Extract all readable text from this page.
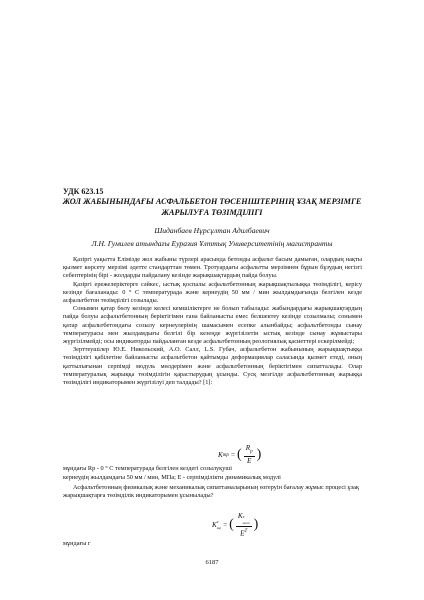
УДК 623.15
ЖОЛ ЖАБЫНЫНДАҒЫ АСФАЛЬБЕТОН ТӨСЕНІШТЕРІНІҢ ҰЗАҚ МЕРЗІМГЕ ЖАРЫЛУҒА ТӨЗІМДІЛІГІ
Шиданбаев Нұрсұлтан Адилбаевич
Л.Н. Гумилев атындағы Еуразия Ұлттық Университетінің магистранты

Қазіргі уақытта Елімізде жол жабыны түрлері арасында бетонды асфальт басым дамыған, олардың нақты қызмет көрсету мерзімі әдетте стандарттан төмен. Тротуардағы асфальтты мерзімнен бұрын бұзудың негізгі себептерінің бірі - жолдарды пайдалану кезінде жарықшақтардың пайда болуы.

Қазіргі ережелеріктерге сәйкес, ыстық қоспалы асфальтбетонның жарықшақтылыққа төзімділігі, керісу кезінде бағаланады: 0 ° С температурада және кернеудің 50 мм / мин жылдамдығында белгілен кезде асфальтбетон төзімділігі созылады.

Сонымен қатар бөлу кезінде келесі кемшіліктерге не болып табылады: жабындардағы жарықшақтардың пайда болуы асфальтбетонның беріктігімен ғана байланысты емес белшектеу кезінде созылмалы; сонымен қатар асфальтбетондағы созылу кернеулерінің шамасымен есепке алынбайды; асфальтбетонды сынау температурасы мен жылдамдығы белгілі бір кезеңде жүргізілетін ыстық кезінде сынау жұмыстары жүргізілмейді; осы индикаторды пайдаланған кезде асфальтбетонның реологиялық қасиеттері ескерілмейді;

Зерттеушілер Ю.Е. Никольский, А.О. Салл, L.S. Губач, асфальтбетон жабынының жарықшақтыққа төзімділігі қабілетіне байланысты асфальтбетон қайтымды деформациялар саласында қызмет етеді, оның қаттылығынан серпімді модуль мөлдерімен және асфальтбетонның беріктігімен сипатталады. Олар температуралық жарыққа төзімділігін қарастырудың ұсынды. Сусқ мезгілде асфальтбетонның жарыққа төзімділігі индикаторымен жүргізілуі деп талдады? [1]:

K тр = ( $\frac{R_p}{E}$ )
мұндағы Rp - 0 ° С температурада белгілен кездегі созылуқуші
кернеудің жылдамдағы 50 мм / мин, МПа; Е - серпімділікти динамикалық модулі
Асфальтбетонның физикалық және механикалық сипаттамаларының өзгеруін бағалау жұмыс процесі ұзақ жарықшақтарға төзімділік индикаторымен ұсынылады?
K T
тр = ( K T
шит
$E^T$ )
мұндағы г
6187
